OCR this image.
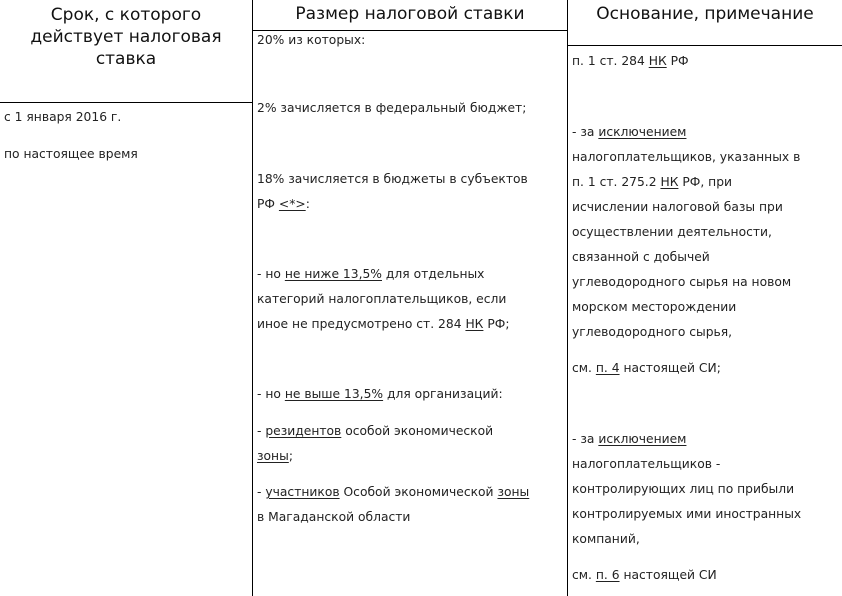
Срок, с которого
действует налоговая
ставка
Размер налоговой ставки	Основание, примечание
с 1 января 2016 г.
по настоящее время
20% из которых:
2% зачисляется в федеральный бюджет;
18% зачисляется в бюджеты в субъектов
РФ <*>:
- но не ниже 13,5% для отдельных
категорий налогоплательщиков, если
иное не предусмотрено ст. 284 НК РФ;
- но не выше 13,5% для организаций:
- резидентов особой экономической
зоны;
- участников Особой экономической зоны
в Магаданской области
п. 1 ст. 284 НК РФ
- за исключением
налогоплательщиков, указанных в
п. 1 ст. 275.2 НК РФ, при
исчислении налоговой базы при
осуществлении деятельности,
связанной с добычей
углеводородного сырья на новом
морском месторождении
углеводородного сырья,
см. п. 4 настоящей СИ;
- за исключением
налогоплательщиков -
контролирующих лиц по прибыли
контролируемых ими иностранных
компаний,
см. п. 6 настоящей СИ
